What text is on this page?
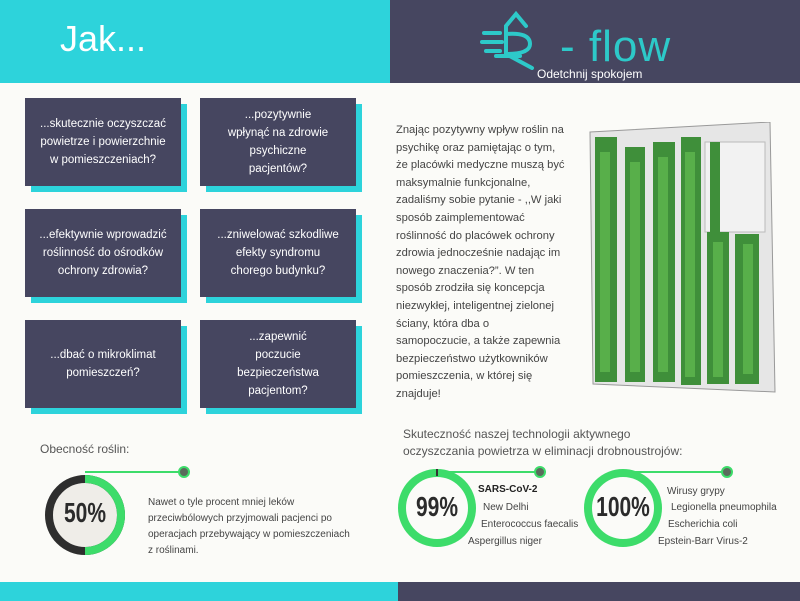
Jak...	- flow
Odetchnij spokojem
...skutecznie oczyszczać
powietrze i powierzchnie
w pomieszczeniach?
...pozytywnie
wpłynąć na zdrowie
psychiczne
pacjentów?
...efektywnie wprowadzić
roślinność do ośrodków
ochrony zdrowia?
...zniwelować szkodliwe
efekty syndromu
chorego budynku?
...dbać o mikroklimat
pomieszczeń?
...zapewnić
poczucie
bezpieczeństwa
pacjentom?
Znając pozytywny wpływ roślin na
psychikę oraz pamiętając o tym,
że placówki medyczne muszą być
maksymalnie funkcjonalne,
zadaliśmy sobie pytanie - ,,W jaki
sposób zaimplementować
roślinność do placówek ochrony
zdrowia jednocześnie nadając im
nowego znaczenia?”. W ten
sposób zrodziła się koncepcja
niezwykłej, inteligentnej zielonej
ściany, która dba o
samopoczucie, a także zapewnia
bezpieczeństwo użytkowników
pomieszczenia, w której się
znajduje!
Obecność roślin:
50%	Nawet o tyle procent mniej leków
przeciwbólowych przyjmowali pacjenci po
operacjach przebywający w pomieszczeniach
z roślinami.
Skuteczność naszej technologii aktywnego
oczyszczania powietrza w eliminacji drobnoustrojów:
99%
SARS-CoV-2
New Delhi
Enterococcus faecalis
Aspergillus niger
100%	Wirusy grypy
Legionella pneumophila
Escherichia coli
Epstein-Barr Virus-2
